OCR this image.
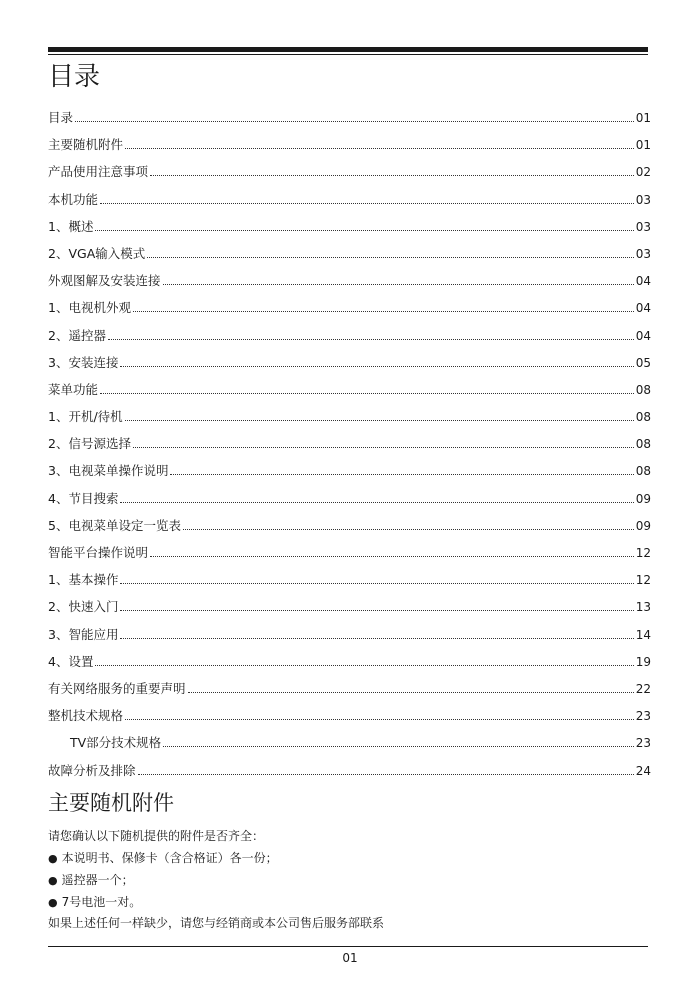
目录
目录	01
主要随机附件	01
产品使用注意事项	02
本机功能	03
1、概述	03
2、VGA输入模式	03
外观图解及安装连接	04
1、电视机外观	04
2、遥控器	04
3、安装连接	05
菜单功能	08
1、开机/待机	08
2、信号源选择	08
3、电视菜单操作说明	08
4、节目搜索	09
5、电视菜单设定一览表	09
智能平台操作说明	12
1、基本操作	12
2、快速入门	13
3、智能应用	14
4、设置	19
有关网络服务的重要声明	22
整机技术规格	23
TV部分技术规格	23
故障分析及排除	24
主要随机附件
请您确认以下随机提供的附件是否齐全：
● 本说明书、保修卡（含合格证）各一份；
● 遥控器一个；
● 7号电池一对。
如果上述任何一样缺少，请您与经销商或本公司售后服务部联系
01
